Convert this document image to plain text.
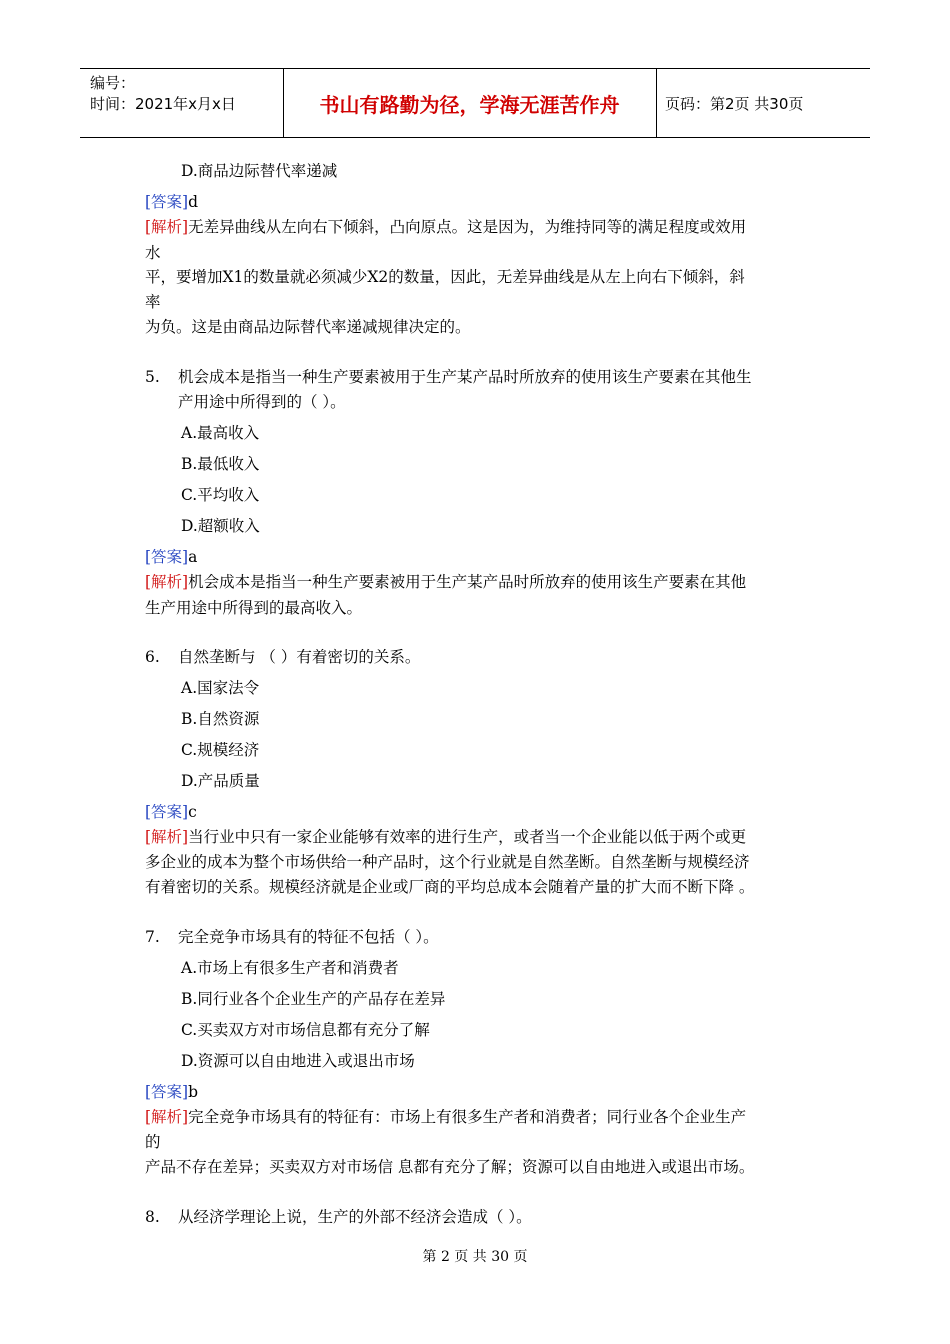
编号：
时间：2021年x月x日	书山有路勤为径，学海无涯苦作舟	页码：第2页 共30页
D.商品边际替代率递减
[答案]d
[解析]无差异曲线从左向右下倾斜，凸向原点。这是因为，为维持同等的满足程度或效用
水
平，要增加X1的数量就必须减少X2的数量，因此，无差异曲线是从左上向右下倾斜，斜
率
为负。这是由商品边际替代率递减规律决定的。
5. 机会成本是指当一种生产要素被用于生产某产品时所放弃的使用该生产要素在其他生
产用途中所得到的（ ）。
A.最高收入
B.最低收入
C.平均收入
D.超额收入
[答案]a
[解析]机会成本是指当一种生产要素被用于生产某产品时所放弃的使用该生产要素在其他
生产用途中所得到的最高收入。
6. 自然垄断与 （ ）有着密切的关系。
A.国家法令
B.自然资源
C.规模经济
D.产品质量
[答案]c
[解析]当行业中只有一家企业能够有效率的进行生产，或者当一个企业能以低于两个或更
多企业的成本为整个市场供给一种产品时，这个行业就是自然垄断。自然垄断与规模经济
有着密切的关系。规模经济就是企业或厂商的平均总成本会随着产量的扩大而不断下降 。
7. 完全竞争市场具有的特征不包括（ ）。
A.市场上有很多生产者和消费者
B.同行业各个企业生产的产品存在差异
C.买卖双方对市场信息都有充分了解
D.资源可以自由地进入或退出市场
[答案]b
[解析]完全竞争市场具有的特征有：市场上有很多生产者和消费者；同行业各个企业生产
的
产品不存在差异；买卖双方对市场信 息都有充分了解；资源可以自由地进入或退出市场。
8. 从经济学理论上说，生产的外部不经济会造成（ ）。
第 2 页 共 30 页
